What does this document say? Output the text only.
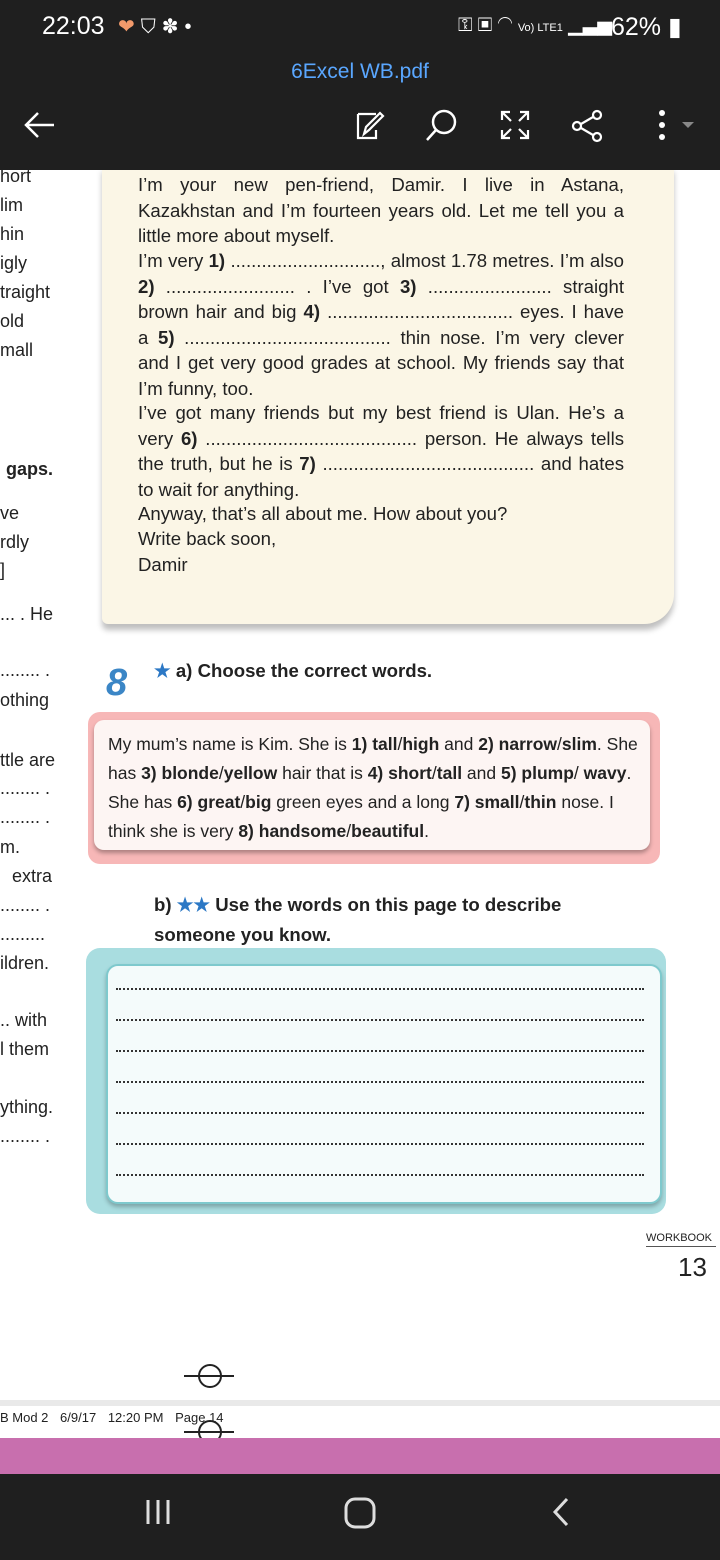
22:03 ❤⛉✽•	⚿ ▣ ◠ Vo) LTE1 ▁▃▅ 62% ▮
6Excel WB.pdf
hort
lim
hin
igly
traight
old
mall
gaps.
ve
rdly
]
... . He
........ .
othing
ttle are
........ .
........ .
m.
extra
........ .
.........
ildren.
.. with
l them
ything.
........ .

I’m your new pen-friend, Damir. I live in Astana, Kazakhstan and I’m fourteen years old. Let me tell you a little more about myself.

I’m very 1) ............................., almost 1.78 metres. I’m also 2) ......................... . I’ve got 3) ........................ straight brown hair and big 4) .................................... eyes. I have a 5) ........................................ thin nose. I’m very clever and I get very good grades at school. My friends say that I’m funny, too.

I’ve got many friends but my best friend is Ulan. He’s a very 6) ......................................... person. He always tells the truth, but he is 7) ......................................... and hates to wait for anything.

Anyway, that’s all about me. How about you?

Write back soon,

Damir

8 ★ a) Choose the correct words.
My mum’s name is Kim. She is 1) tall/high and 2) narrow/slim. She has 3) blonde/yellow hair that is 4) short/tall and 5) plump/ wavy. She has 6) great/big green eyes and a long 7) small/thin nose. I think she is very 8) handsome/beautiful.
b) ★★ Use the words on this page to describe someone you know.
WORKBOOK
13
B Mod 2 6/9/17 12:20 PM Page 14
